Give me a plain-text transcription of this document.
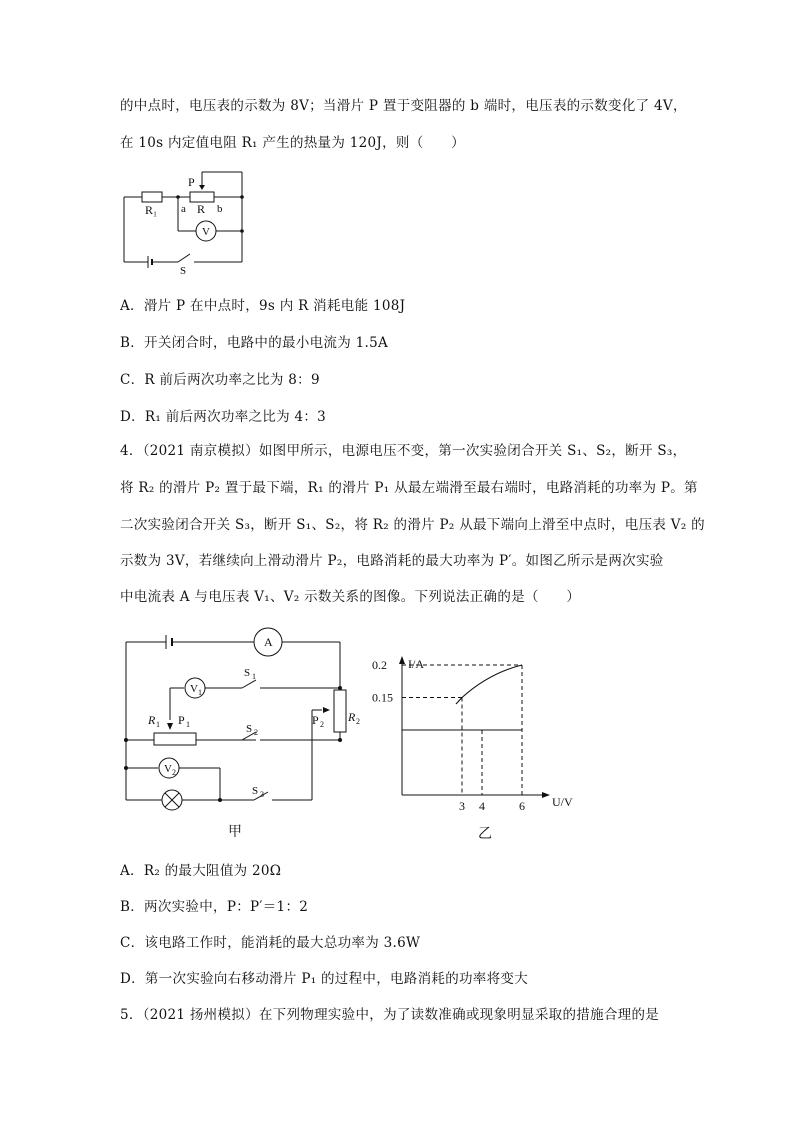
的中点时，电压表的示数为 8V；当滑片 P 置于变阻器的 b 端时，电压表的示数变化了 4V，
在 10s 内定值电阻 R₁ 产生的热量为 120J，则（　　）
P
R₁ a R b
V
S
A．滑片 P 在中点时，9s 内 R 消耗电能 108J
B．开关闭合时，电路中的最小电流为 1.5A
C．R 前后两次功率之比为 8：9
D．R₁ 前后两次功率之比为 4：3
4．（2021 南京模拟）如图甲所示，电源电压不变，第一次实验闭合开关 S₁、S₂，断开 S₃，
将 R₂ 的滑片 P₂ 置于最下端，R₁ 的滑片 P₁ 从最左端滑至最右端时，电路消耗的功率为 P。第
二次实验闭合开关 S₃，断开 S₁、S₂，将 R₂ 的滑片 P₂ 从最下端向上滑至中点时，电压表 V₂ 的
示数为 3V，若继续向上滑动滑片 P₂，电路消耗的最大功率为 P′。如图乙所示是两次实验
中电流表 A 与电压表 V₁、V₂ 示数关系的图像。下列说法正确的是（　　）
A
V 1
S 1
R 1 P 1	S 2
P 2
R 2
V 2
S 3
甲
0.15
0.2
3 4	6
I/A
U/V
乙
A．R₂ 的最大阻值为 20Ω
B．两次实验中，P：P′＝1：2
C．该电路工作时，能消耗的最大总功率为 3.6W
D．第一次实验向右移动滑片 P₁ 的过程中，电路消耗的功率将变大
5．（2021 扬州模拟）在下列物理实验中，为了读数准确或现象明显采取的措施合理的是
